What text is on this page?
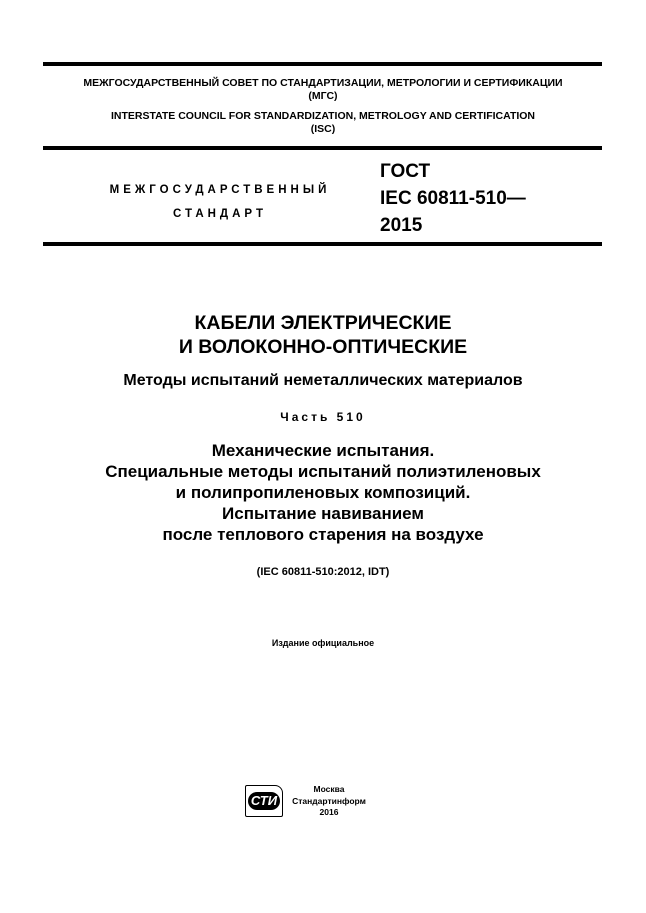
МЕЖГОСУДАРСТВЕННЫЙ СОВЕТ ПО СТАНДАРТИЗАЦИИ, МЕТРОЛОГИИ И СЕРТИФИКАЦИИ
(МГС)
INTERSTATE COUNCIL FOR STANDARDIZATION, METROLOGY AND CERTIFICATION
(ISC)
МЕЖГОСУДАРСТВЕННЫЙ
СТАНДАРТ
ГОСТ
IEC 60811-510—
2015
КАБЕЛИ ЭЛЕКТРИЧЕСКИЕ
И ВОЛОКОННО-ОПТИЧЕСКИЕ
Методы испытаний неметаллических материалов
Часть 510
Механические испытания.
Специальные методы испытаний полиэтиленовых
и полипропиленовых композиций.
Испытание навиванием
после теплового старения на воздухе
(IEC 60811-510:2012, IDT)
Издание официальное
СТИ
Москва
Стандартинформ
2016
